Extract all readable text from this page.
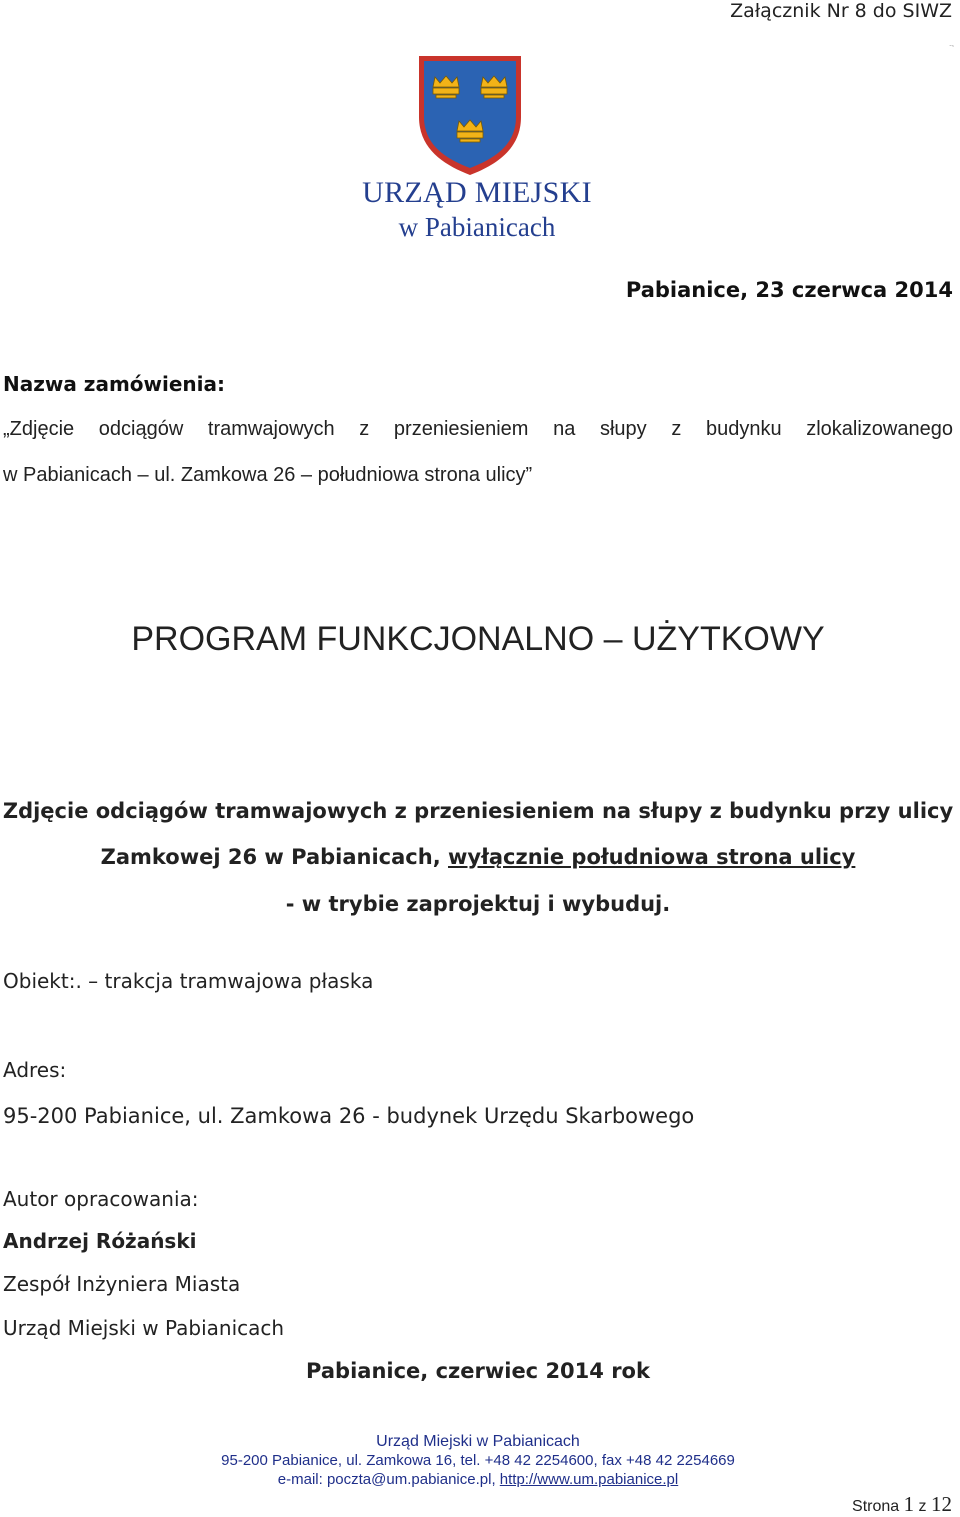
Załącznik Nr 8 do SIWZ
⁼⁵
URZĄD MIEJSKI
w Pabianicach
Pabianice, 23 czerwca 2014
Nazwa zamówienia:
„Zdjęcie odciągów tramwajowych z przeniesieniem na słupy z budynku zlokalizowanego
w Pabianicach – ul. Zamkowa 26 – południowa strona ulicy”
PROGRAM FUNKCJONALNO – UŻYTKOWY
Zdjęcie odciągów tramwajowych z przeniesieniem na słupy z budynku przy ulicy
Zamkowej 26 w Pabianicach, wyłącznie południowa strona ulicy
- w trybie zaprojektuj i wybuduj.
Obiekt:. – trakcja tramwajowa płaska
Adres:
95-200 Pabianice, ul. Zamkowa 26 - budynek Urzędu Skarbowego
Autor opracowania:
Andrzej Różański
Zespół Inżyniera Miasta
Urząd Miejski w Pabianicach
Pabianice, czerwiec 2014 rok
Urząd Miejski w Pabianicach
95-200 Pabianice, ul. Zamkowa 16, tel. +48 42 2254600, fax +48 42 2254669
e-mail: poczta@um.pabianice.pl, http://www.um.pabianice.pl
Strona 1 z 12
